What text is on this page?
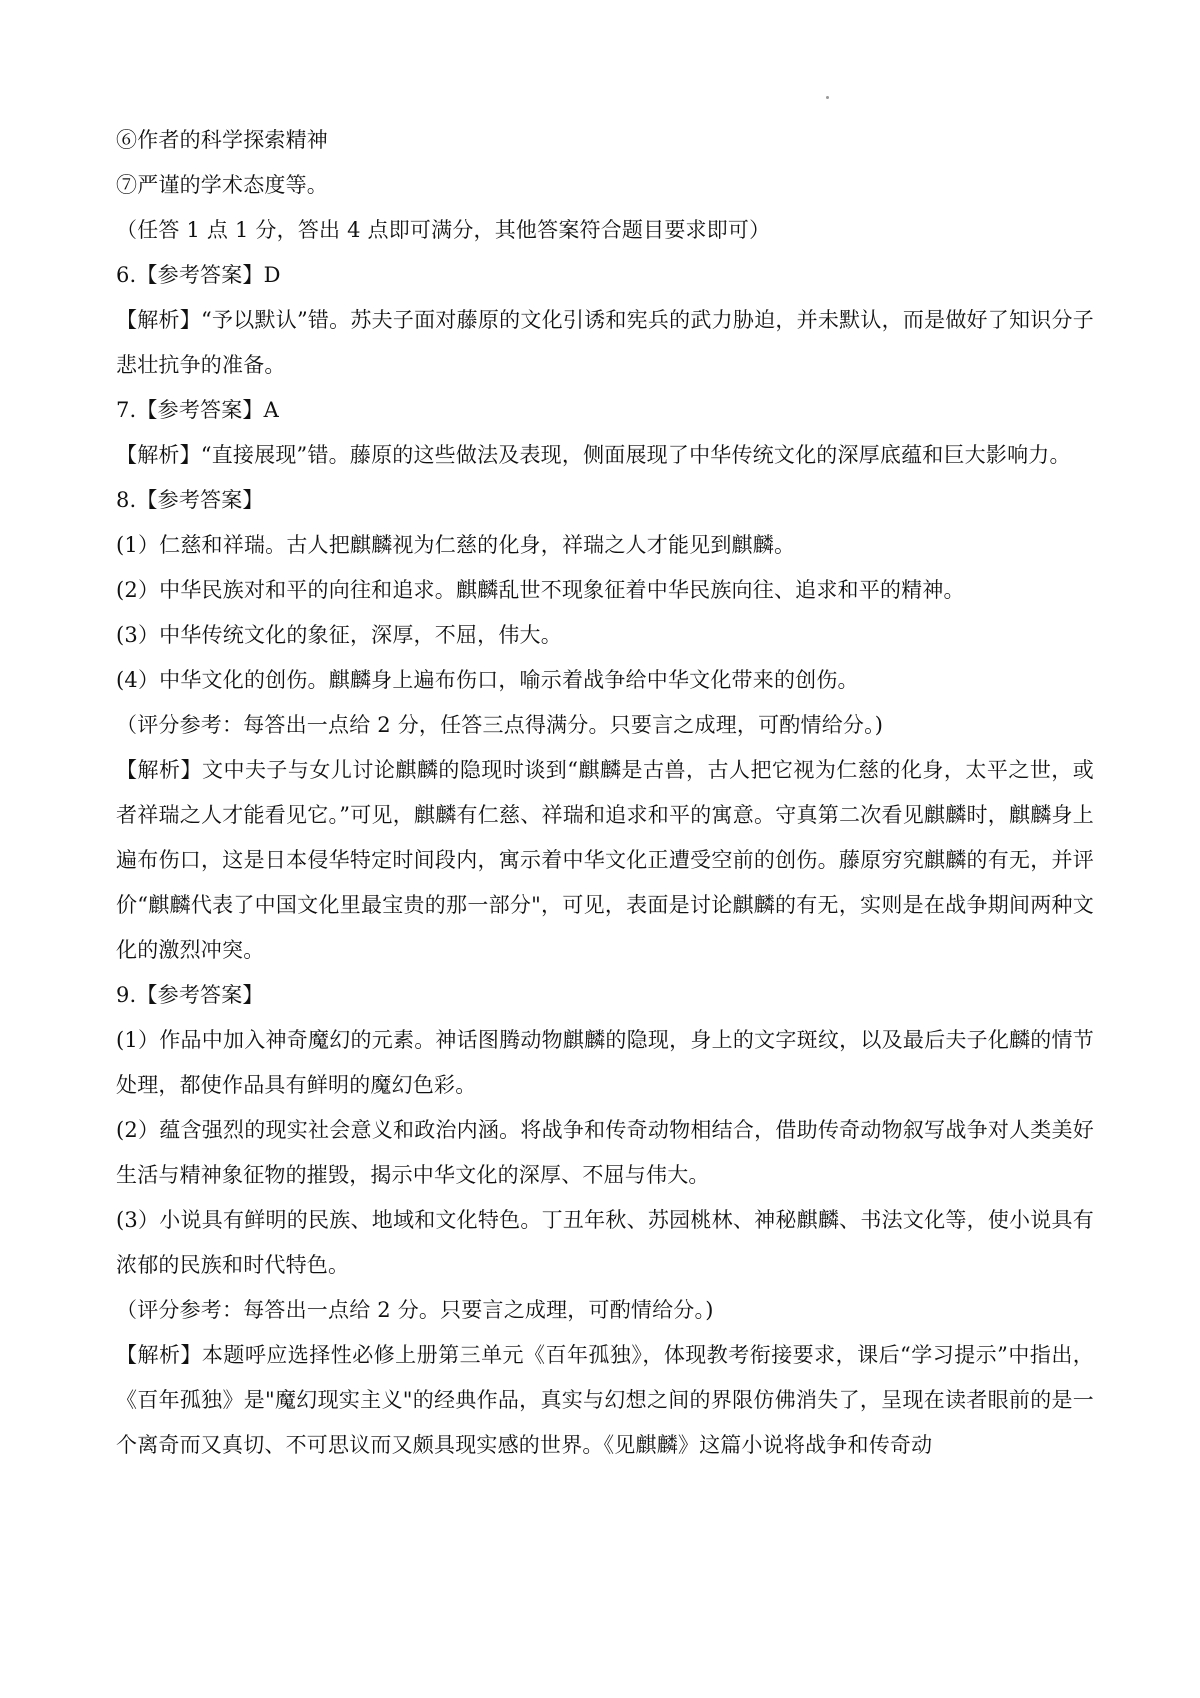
⑥作者的科学探索精神

⑦严谨的学术态度等。

（任答 1 点 1 分，答出 4 点即可满分，其他答案符合题目要求即可）

6.【参考答案】D

【解析】“予以默认”错。苏夫子面对藤原的文化引诱和宪兵的武力胁迫，并未默认，而是做好了知识分子悲壮抗争的准备。

7.【参考答案】A

【解析】“直接展现”错。藤原的这些做法及表现，侧面展现了中华传统文化的深厚底蕴和巨大影响力。

8.【参考答案】

(1）仁慈和祥瑞。古人把麒麟视为仁慈的化身，祥瑞之人才能见到麒麟。

(2）中华民族对和平的向往和追求。麒麟乱世不现象征着中华民族向往、追求和平的精神。

(3）中华传统文化的象征，深厚，不屈，伟大。

(4）中华文化的创伤。麒麟身上遍布伤口，喻示着战争给中华文化带来的创伤。

（评分参考：每答出一点给 2 分，任答三点得满分。只要言之成理，可酌情给分。)

【解析】文中夫子与女儿讨论麒麟的隐现时谈到“麒麟是古兽，古人把它视为仁慈的化身，太平之世，或者祥瑞之人才能看见它。”可见，麒麟有仁慈、祥瑞和追求和平的寓意。守真第二次看见麒麟时，麒麟身上遍布伤口，这是日本侵华特定时间段内，寓示着中华文化正遭受空前的创伤。藤原穷究麒麟的有无，并评价“麒麟代表了中国文化里最宝贵的那一部分"，可见，表面是讨论麒麟的有无，实则是在战争期间两种文化的激烈冲突。

9.【参考答案】

(1）作品中加入神奇魔幻的元素。神话图腾动物麒麟的隐现，身上的文字斑纹，以及最后夫子化麟的情节处理，都使作品具有鲜明的魔幻色彩。

(2）蕴含强烈的现实社会意义和政治内涵。将战争和传奇动物相结合，借助传奇动物叙写战争对人类美好生活与精神象征物的摧毁，揭示中华文化的深厚、不屈与伟大。

(3）小说具有鲜明的民族、地域和文化特色。丁丑年秋、苏园桃林、神秘麒麟、书法文化等，使小说具有浓郁的民族和时代特色。

（评分参考：每答出一点给 2 分。只要言之成理，可酌情给分。)

【解析】本题呼应选择性必修上册第三单元《百年孤独》，体现教考衔接要求，课后“学习提示”中指出，《百年孤独》是"魔幻现实主义"的经典作品，真实与幻想之间的界限仿佛消失了，呈现在读者眼前的是一个离奇而又真切、不可思议而又颇具现实感的世界。《见麒麟》这篇小说将战争和传奇动
